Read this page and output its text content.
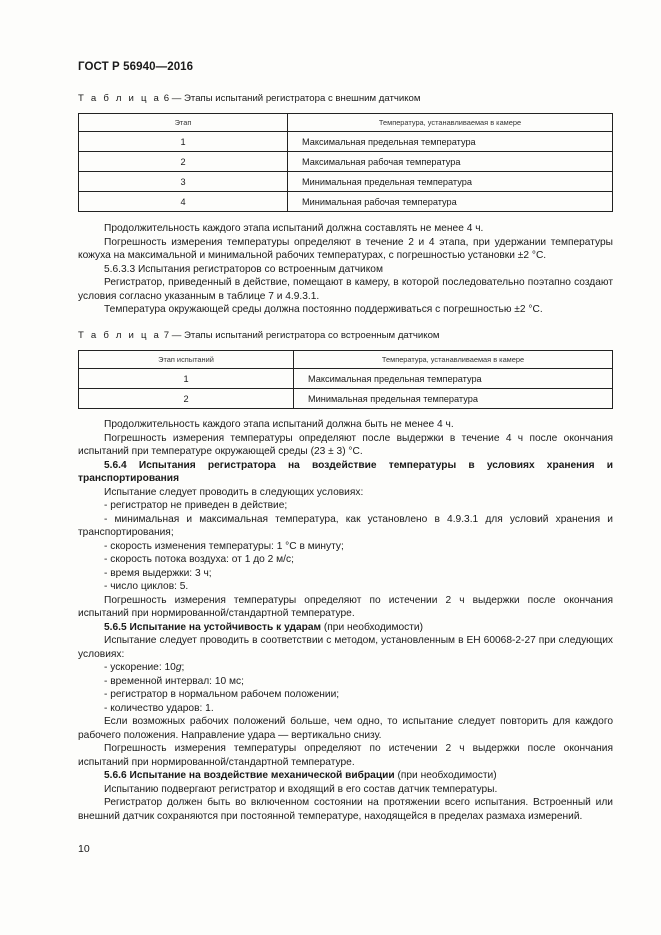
ГОСТ Р 56940—2016
Т а б л и ц а 6 — Этапы испытаний регистратора с внешним датчиком
Этап	Температура, устанавливаемая в камере
1	Максимальная предельная температура
2	Максимальная рабочая температура
3	Минимальная предельная температура
4	Минимальная рабочая температура

Продолжительность каждого этапа испытаний должна составлять не менее 4 ч.

Погрешность измерения температуры определяют в течение 2 и 4 этапа, при удержании температуры кожуха на максимальной и минимальной рабочих температурах, с погрешностью установки ±2 °С.

5.6.3.3 Испытания регистраторов со встроенным датчиком

Регистратор, приведенный в действие, помещают в камеру, в которой последовательно поэтапно создают условия согласно указанным в таблице 7 и 4.9.3.1.

Температура окружающей среды должна постоянно поддерживаться с погрешностью ±2 °С.

Т а б л и ц а 7 — Этапы испытаний регистратора со встроенным датчиком
Этап испытаний	Температура, устанавливаемая в камере
1	Максимальная предельная температура
2	Минимальная предельная температура

Продолжительность каждого этапа испытаний должна быть не менее 4 ч.

Погрешность измерения температуры определяют после выдержки в течение 4 ч после окончания испытаний при температуре окружающей среды (23 ± 3) °С.

5.6.4 Испытания регистратора на воздействие температуры в условиях хранения и транспортирования

Испытание следует проводить в следующих условиях:

- регистратор не приведен в действие;

- минимальная и максимальная температура, как установлено в 4.9.3.1 для условий хранения и транспортирования;

- скорость изменения температуры: 1 °С в минуту;

- скорость потока воздуха: от 1 до 2 м/с;

- время выдержки: 3 ч;

- число циклов: 5.

Погрешность измерения температуры определяют по истечении 2 ч выдержки после окончания испытаний при нормированной/стандартной температуре.

5.6.5 Испытание на устойчивость к ударам (при необходимости)

Испытание следует проводить в соответствии с методом, установленным в ЕН 60068-2-27 при следующих условиях:

- ускорение: 10g;

- временной интервал: 10 мс;

- регистратор в нормальном рабочем положении;

- количество ударов: 1.

Если возможных рабочих положений больше, чем одно, то испытание следует повторить для каждого рабочего положения. Направление удара — вертикально снизу.

Погрешность измерения температуры определяют по истечении 2 ч выдержки после окончания испытаний при нормированной/стандартной температуре.

5.6.6 Испытание на воздействие механической вибрации (при необходимости)

Испытанию подвергают регистратор и входящий в его состав датчик температуры.

Регистратор должен быть во включенном состоянии на протяжении всего испытания. Встроенный или внешний датчик сохраняются при постоянной температуре, находящейся в пределах размаха измерений.

10
